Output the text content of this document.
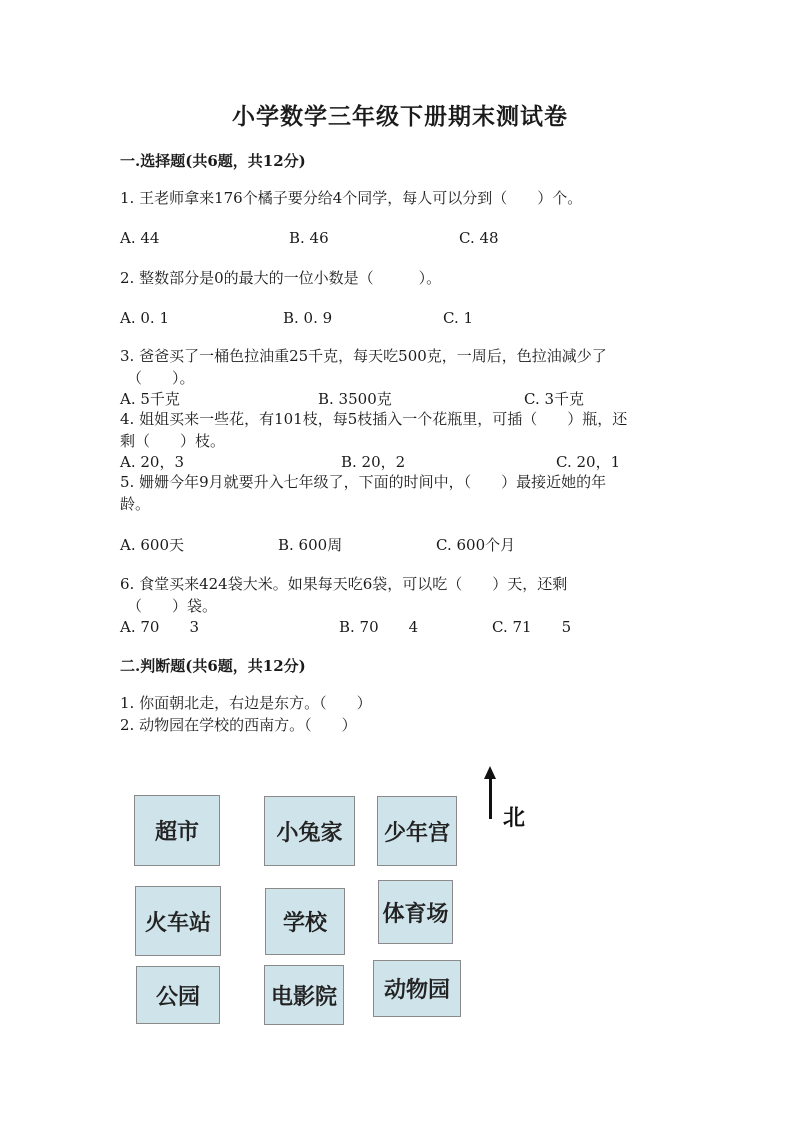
小学数学三年级下册期末测试卷
一.选择题(共6题，共12分)
1. 王老师拿来176个橘子要分给4个同学，每人可以分到（　　）个。
A. 44	B. 46	C. 48
2. 整数部分是0的最大的一位小数是（　　　）。
A. 0. 1	B. 0. 9	C. 1
3. 爸爸买了一桶色拉油重25千克，每天吃500克，一周后，色拉油减少了
（　　）。
A. 5千克	B. 3500克	C. 3千克
4. 姐姐买来一些花，有101枝，每5枝插入一个花瓶里，可插（　　）瓶，还
剩（　　）枝。
A. 20，3	B. 20，2	C. 20，1
5. 姗姗今年9月就要升入七年级了，下面的时间中，（　　）最接近她的年
龄。
A. 600天	B. 600周	C. 600个月
6. 食堂买来424袋大米。如果每天吃6袋，可以吃（　　）天，还剩
（　　）袋。
A. 70　　3	B. 70　　4	C. 71　　5
二.判断题(共6题，共12分)
1. 你面朝北走，右边是东方。（　　）
2. 动物园在学校的西南方。（　　）
超市	小兔家	少年宫
火车站	学校	体育场
公园	电影院	动物园
北
